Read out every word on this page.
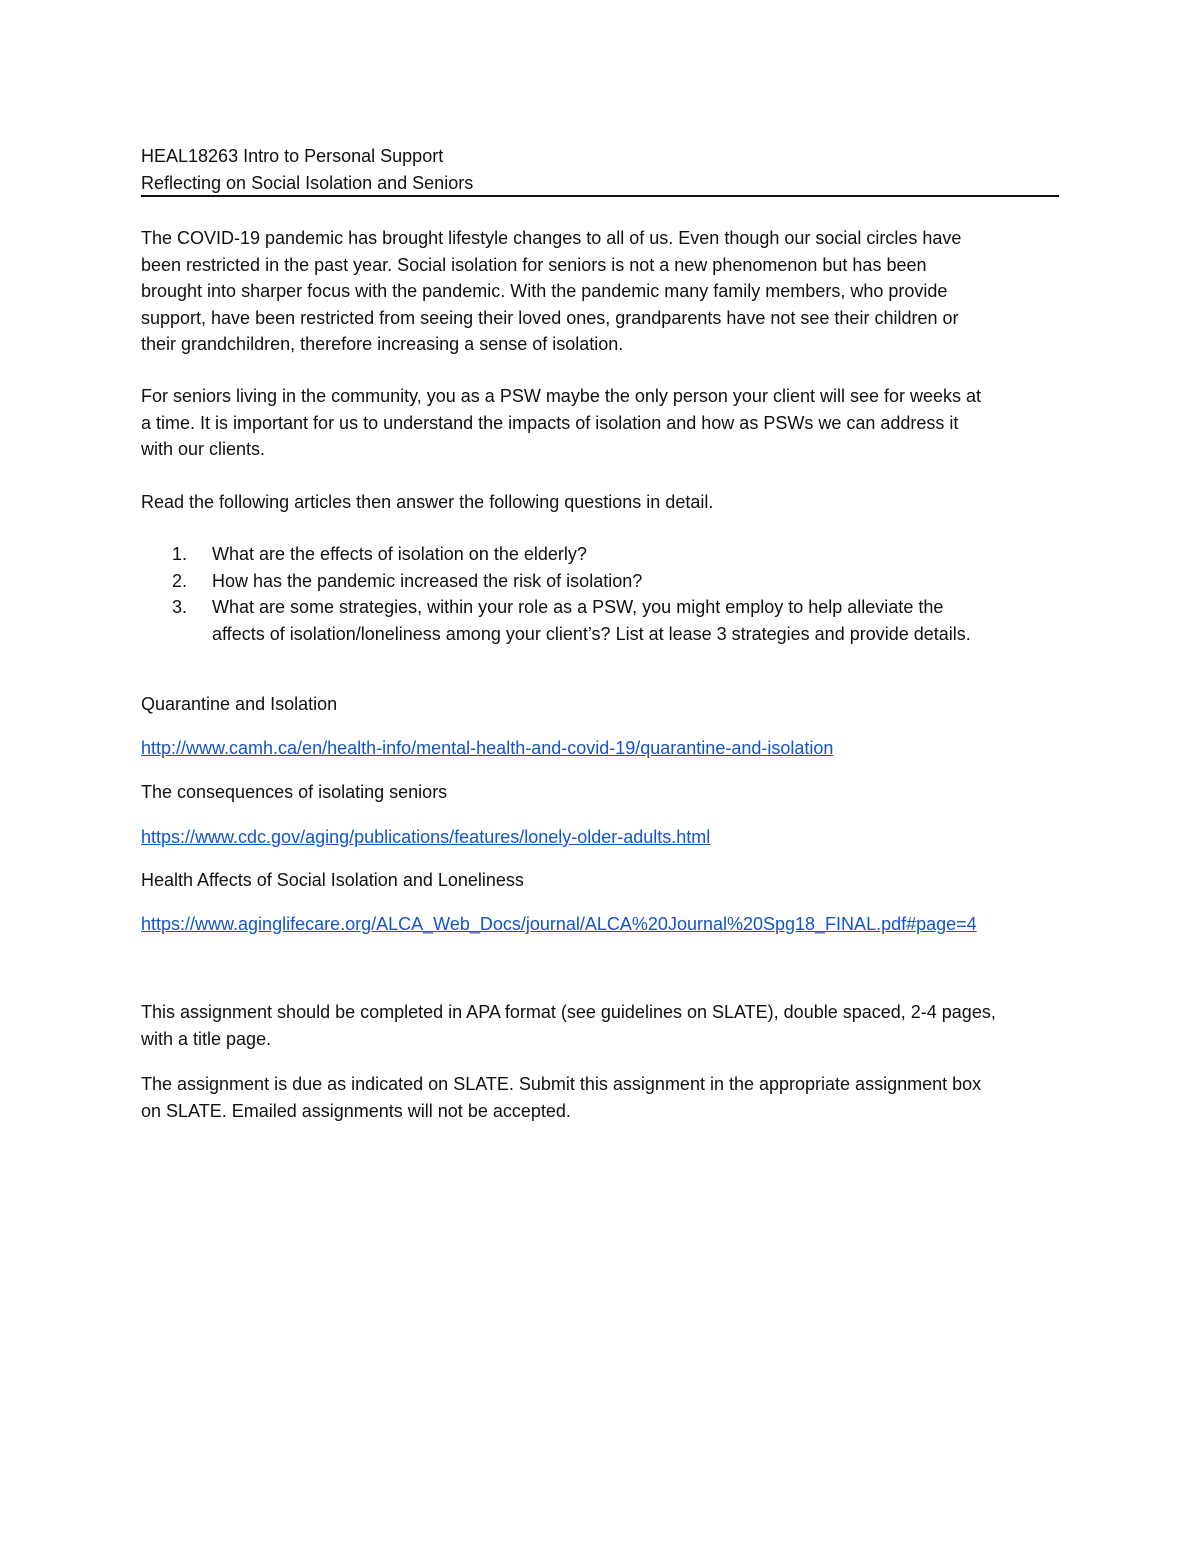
HEAL18263 Intro to Personal Support
Reflecting on Social Isolation and Seniors
The COVID-19 pandemic has brought lifestyle changes to all of us. Even though our social circles have
been restricted in the past year. Social isolation for seniors is not a new phenomenon but has been
brought into sharper focus with the pandemic. With the pandemic many family members, who provide
support, have been restricted from seeing their loved ones, grandparents have not see their children or
their grandchildren, therefore increasing a sense of isolation.
For seniors living in the community, you as a PSW maybe the only person your client will see for weeks at
a time. It is important for us to understand the impacts of isolation and how as PSWs we can address it
with our clients.
Read the following articles then answer the following questions in detail.
1. What are the effects of isolation on the elderly?
2. How has the pandemic increased the risk of isolation?
3. What are some strategies, within your role as a PSW, you might employ to help alleviate the
affects of isolation/loneliness among your client’s? List at lease 3 strategies and provide details.
Quarantine and Isolation
http://www.camh.ca/en/health-info/mental-health-and-covid-19/quarantine-and-isolation
The consequences of isolating seniors
https://www.cdc.gov/aging/publications/features/lonely-older-adults.html
Health Affects of Social Isolation and Loneliness
https://www.aginglifecare.org/ALCA_Web_Docs/journal/ALCA%20Journal%20Spg18_FINAL.pdf#page=4
This assignment should be completed in APA format (see guidelines on SLATE), double spaced, 2-4 pages,
with a title page.
The assignment is due as indicated on SLATE. Submit this assignment in the appropriate assignment box
on SLATE. Emailed assignments will not be accepted.
